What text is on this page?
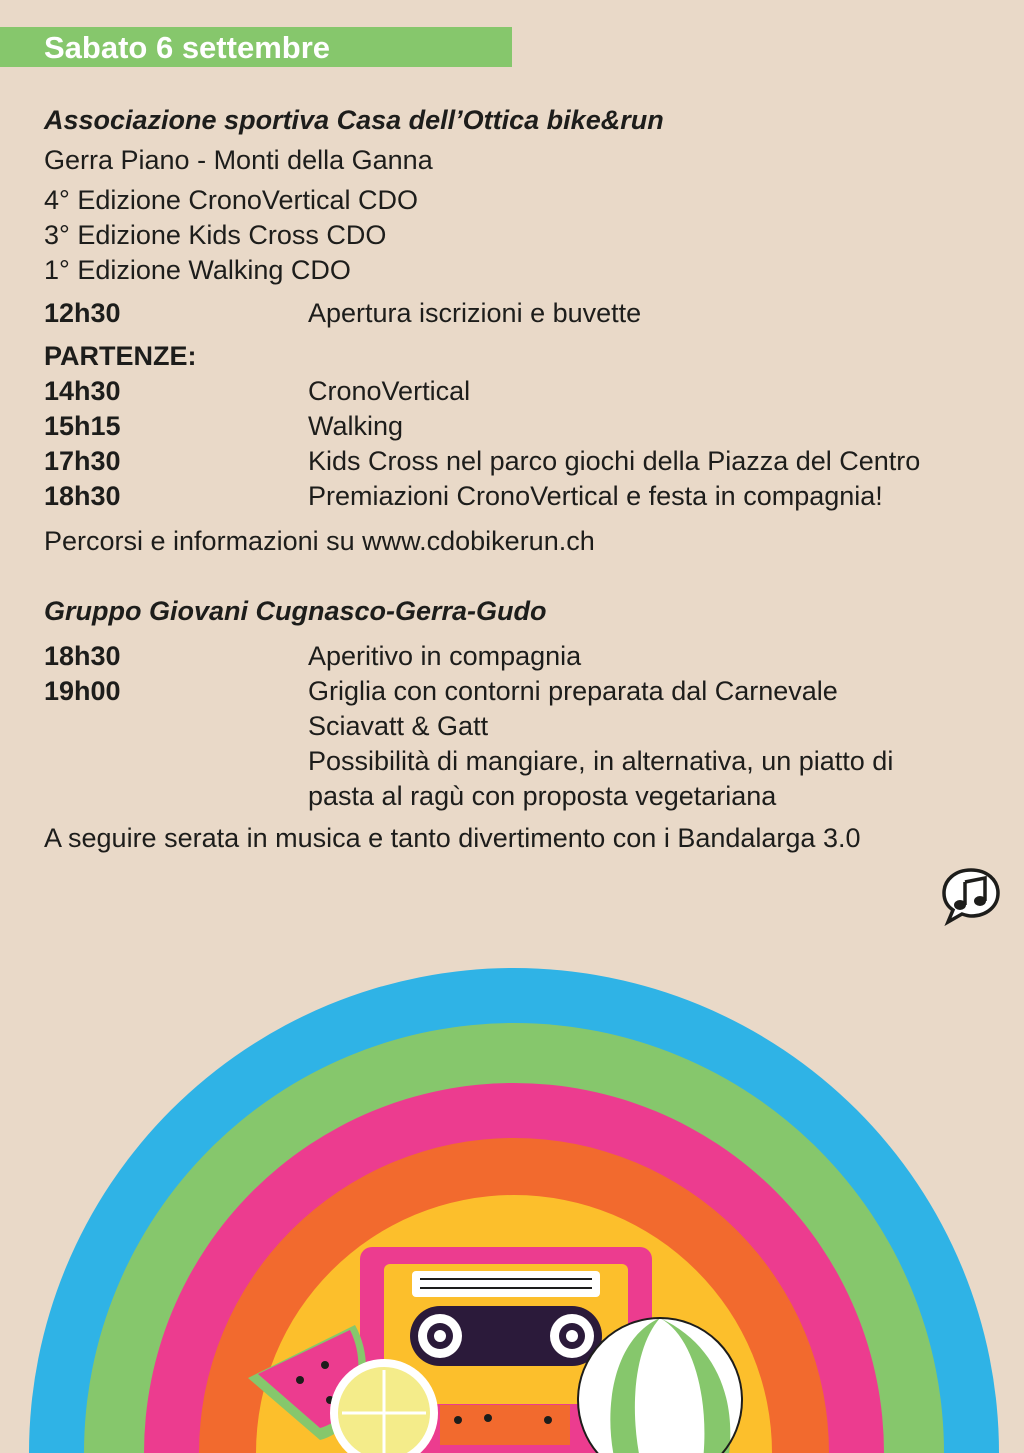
Sabato 6 settembre
Associazione sportiva Casa dell’Ottica bike&run
Gerra Piano - Monti della Ganna
4° Edizione CronoVertical CDO
3° Edizione Kids Cross CDO
1° Edizione Walking CDO
12h30	Apertura iscrizioni e buvette
PARTENZE:
14h30	CronoVertical
15h15	Walking
17h30	Kids Cross nel parco giochi della Piazza del Centro
18h30	Premiazioni CronoVertical e festa in compagnia!
Percorsi e informazioni su www.cdobikerun.ch
Gruppo Giovani Cugnasco-Gerra-Gudo
18h30	Aperitivo in compagnia
19h00	Griglia con contorni preparata dal Carnevale
Sciavatt & Gatt
Possibilità di mangiare, in alternativa, un piatto di
pasta al ragù con proposta vegetariana
A seguire serata in musica e tanto divertimento con i Bandalarga 3.0
